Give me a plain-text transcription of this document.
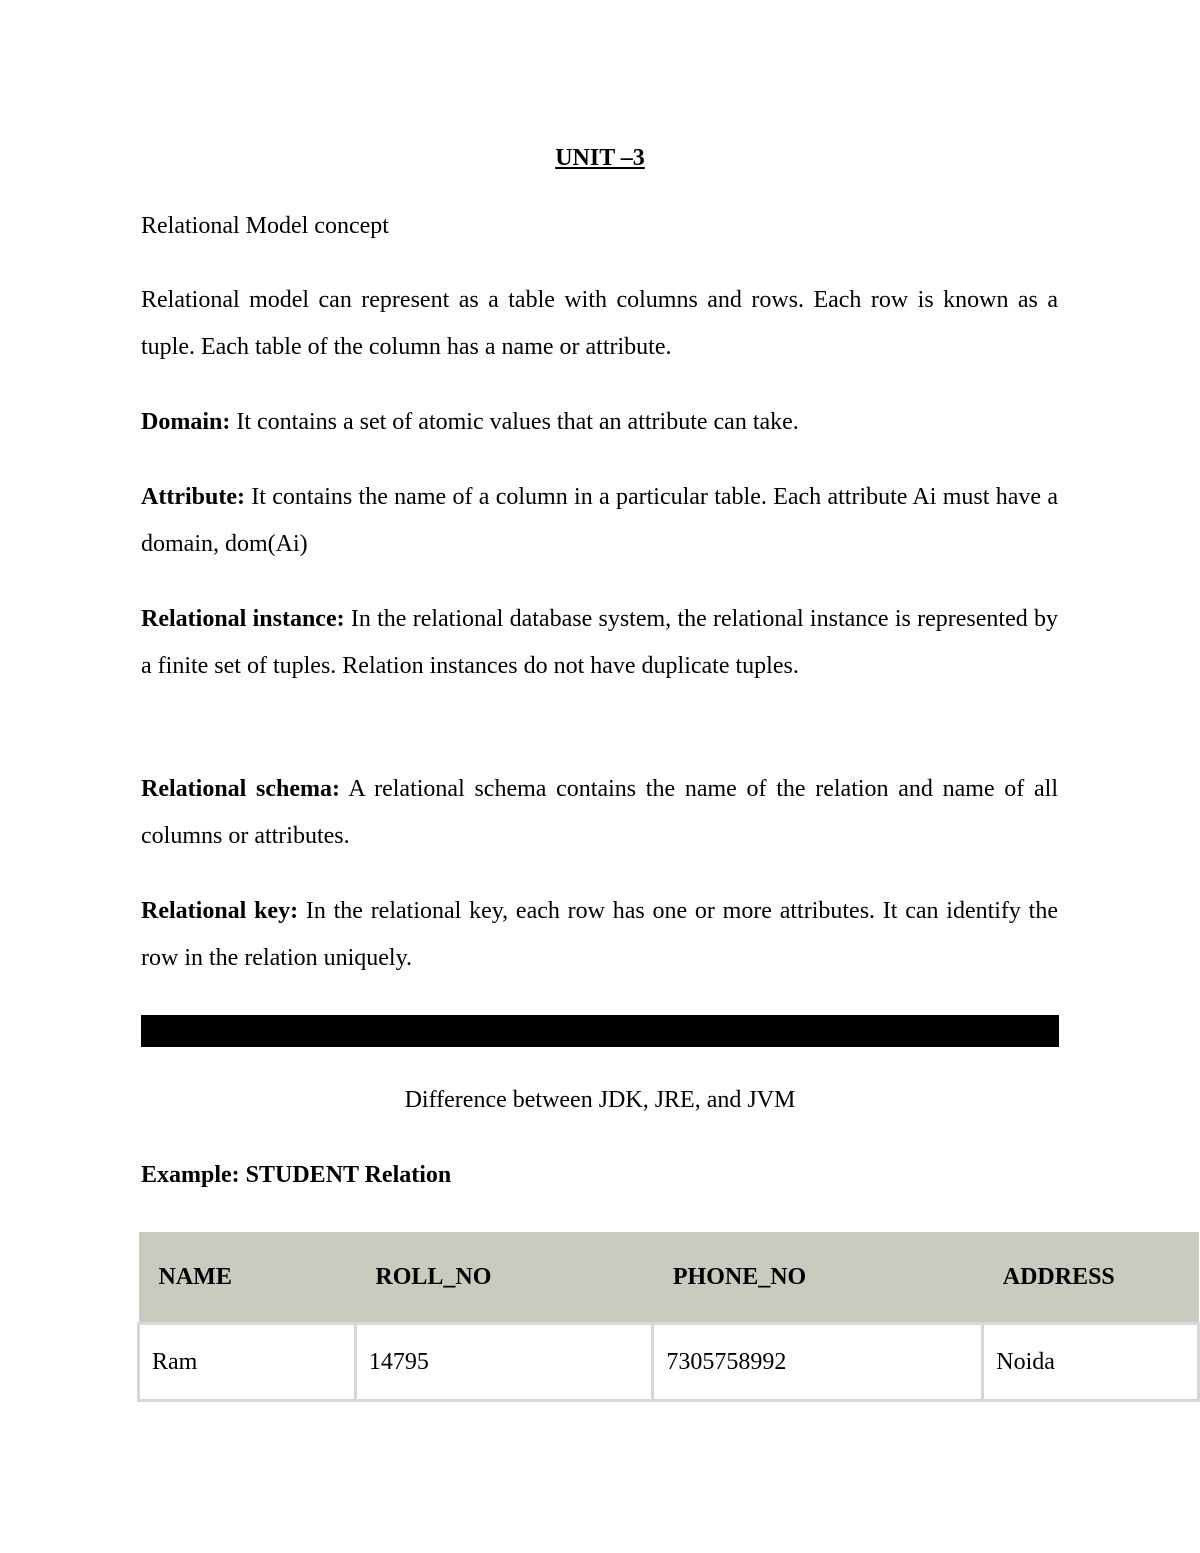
UNIT –3
Relational Model concept
Relational model can represent as a table with columns and rows. Each row is known as a tuple. Each table of the column has a name or attribute.
Domain: It contains a set of atomic values that an attribute can take.
Attribute: It contains the name of a column in a particular table. Each attribute Ai must have a domain, dom(Ai)
Relational instance: In the relational database system, the relational instance is represented by a finite set of tuples. Relation instances do not have duplicate tuples.
Relational schema: A relational schema contains the name of the relation and name of all columns or attributes.
Relational key: In the relational key, each row has one or more attributes. It can identify the row in the relation uniquely.
Difference between JDK, JRE, and JVM
Example: STUDENT Relation
NAME	ROLL_NO	PHONE_NO	ADDRESS
Ram	14795	7305758992	Noida
